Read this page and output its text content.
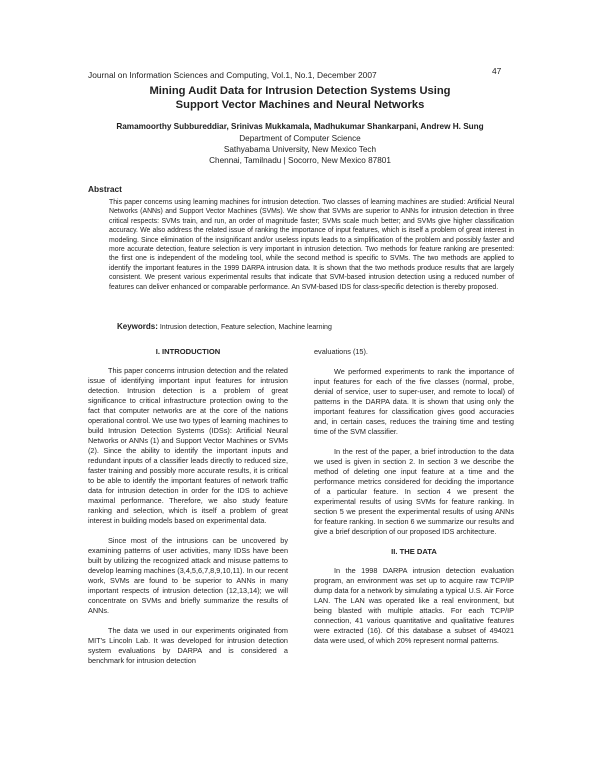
Journal on Information Sciences and Computing, Vol.1, No.1, December 2007	47
Mining Audit Data for Intrusion Detection Systems Using
Support Vector Machines and Neural Networks
Ramamoorthy Subbureddiar, Srinivas Mukkamala, Madhukumar Shankarpani, Andrew H. Sung
Department of Computer Science
Sathyabama University, New Mexico Tech
Chennai, Tamilnadu | Socorro, New Mexico 87801
Abstract
This paper concerns using learning machines for intrusion detection. Two classes of learning machines are studied: Artificial Neural Networks (ANNs) and Support Vector Machines (SVMs). We show that SVMs are superior to ANNs for intrusion detection in three critical respects: SVMs train, and run, an order of magnitude faster; SVMs scale much better; and SVMs give higher classification accuracy. We also address the related issue of ranking the importance of input features, which is itself a problem of great interest in modeling. Since elimination of the insignificant and/or useless inputs leads to a simplification of the problem and possibly faster and more accurate detection, feature selection is very important in intrusion detection. Two methods for feature ranking are presented: the first one is independent of the modeling tool, while the second method is specific to SVMs. The two methods are applied to identify the important features in the 1999 DARPA intrusion data. It is shown that the two methods produce results that are largely consistent. We present various experimental results that indicate that SVM-based intrusion detection using a reduced number of features can deliver enhanced or comparable performance. An SVM-based IDS for class-specific detection is thereby proposed.
Keywords: Intrusion detection, Feature selection, Machine learning
I. INTRODUCTION

This paper concerns intrusion detection and the related issue of identifying important input features for intrusion detection. Intrusion detection is a problem of great significance to critical infrastructure protection owing to the fact that computer networks are at the core of the nations operational control. We use two types of learning machines to build Intrusion Detection Systems (IDSs): Artificial Neural Networks or ANNs (1) and Support Vector Machines or SVMs (2). Since the ability to identify the important inputs and redundant inputs of a classifier leads directly to reduced size, faster training and possibly more accurate results, it is critical to be able to identify the important features of network traffic data for intrusion detection in order for the IDS to achieve maximal performance. Therefore, we also study feature ranking and selection, which is itself a problem of great interest in building models based on experimental data.

Since most of the intrusions can be uncovered by examining patterns of user activities, many IDSs have been built by utilizing the recognized attack and misuse patterns to develop learning machines (3,4,5,6,7,8,9,10,11). In our recent work, SVMs are found to be superior to ANNs in many important respects of intrusion detection (12,13,14); we will concentrate on SVMs and briefly summarize the results of ANNs.

The data we used in our experiments originated from MIT's Lincoln Lab. It was developed for intrusion detection system evaluations by DARPA and is considered a benchmark for intrusion detection

evaluations (15).

We performed experiments to rank the importance of input features for each of the five classes (normal, probe, denial of service, user to super-user, and remote to local) of patterns in the DARPA data. It is shown that using only the important features for classification gives good accuracies and, in certain cases, reduces the training time and testing time of the SVM classifier.

In the rest of the paper, a brief introduction to the data we used is given in section 2. In section 3 we describe the method of deleting one input feature at a time and the performance metrics considered for deciding the importance of a particular feature. In section 4 we present the experimental results of using SVMs for feature ranking. In section 5 we present the experimental results of using ANNs for feature ranking. In section 6 we summarize our results and give a brief description of our proposed IDS architecture.

II. THE DATA

In the 1998 DARPA intrusion detection evaluation program, an environment was set up to acquire raw TCP/IP dump data for a network by simulating a typical U.S. Air Force LAN. The LAN was operated like a real environment, but being blasted with multiple attacks. For each TCP/IP connection, 41 various quantitative and qualitative features were extracted (16). Of this database a subset of 494021 data were used, of which 20% represent normal patterns.
